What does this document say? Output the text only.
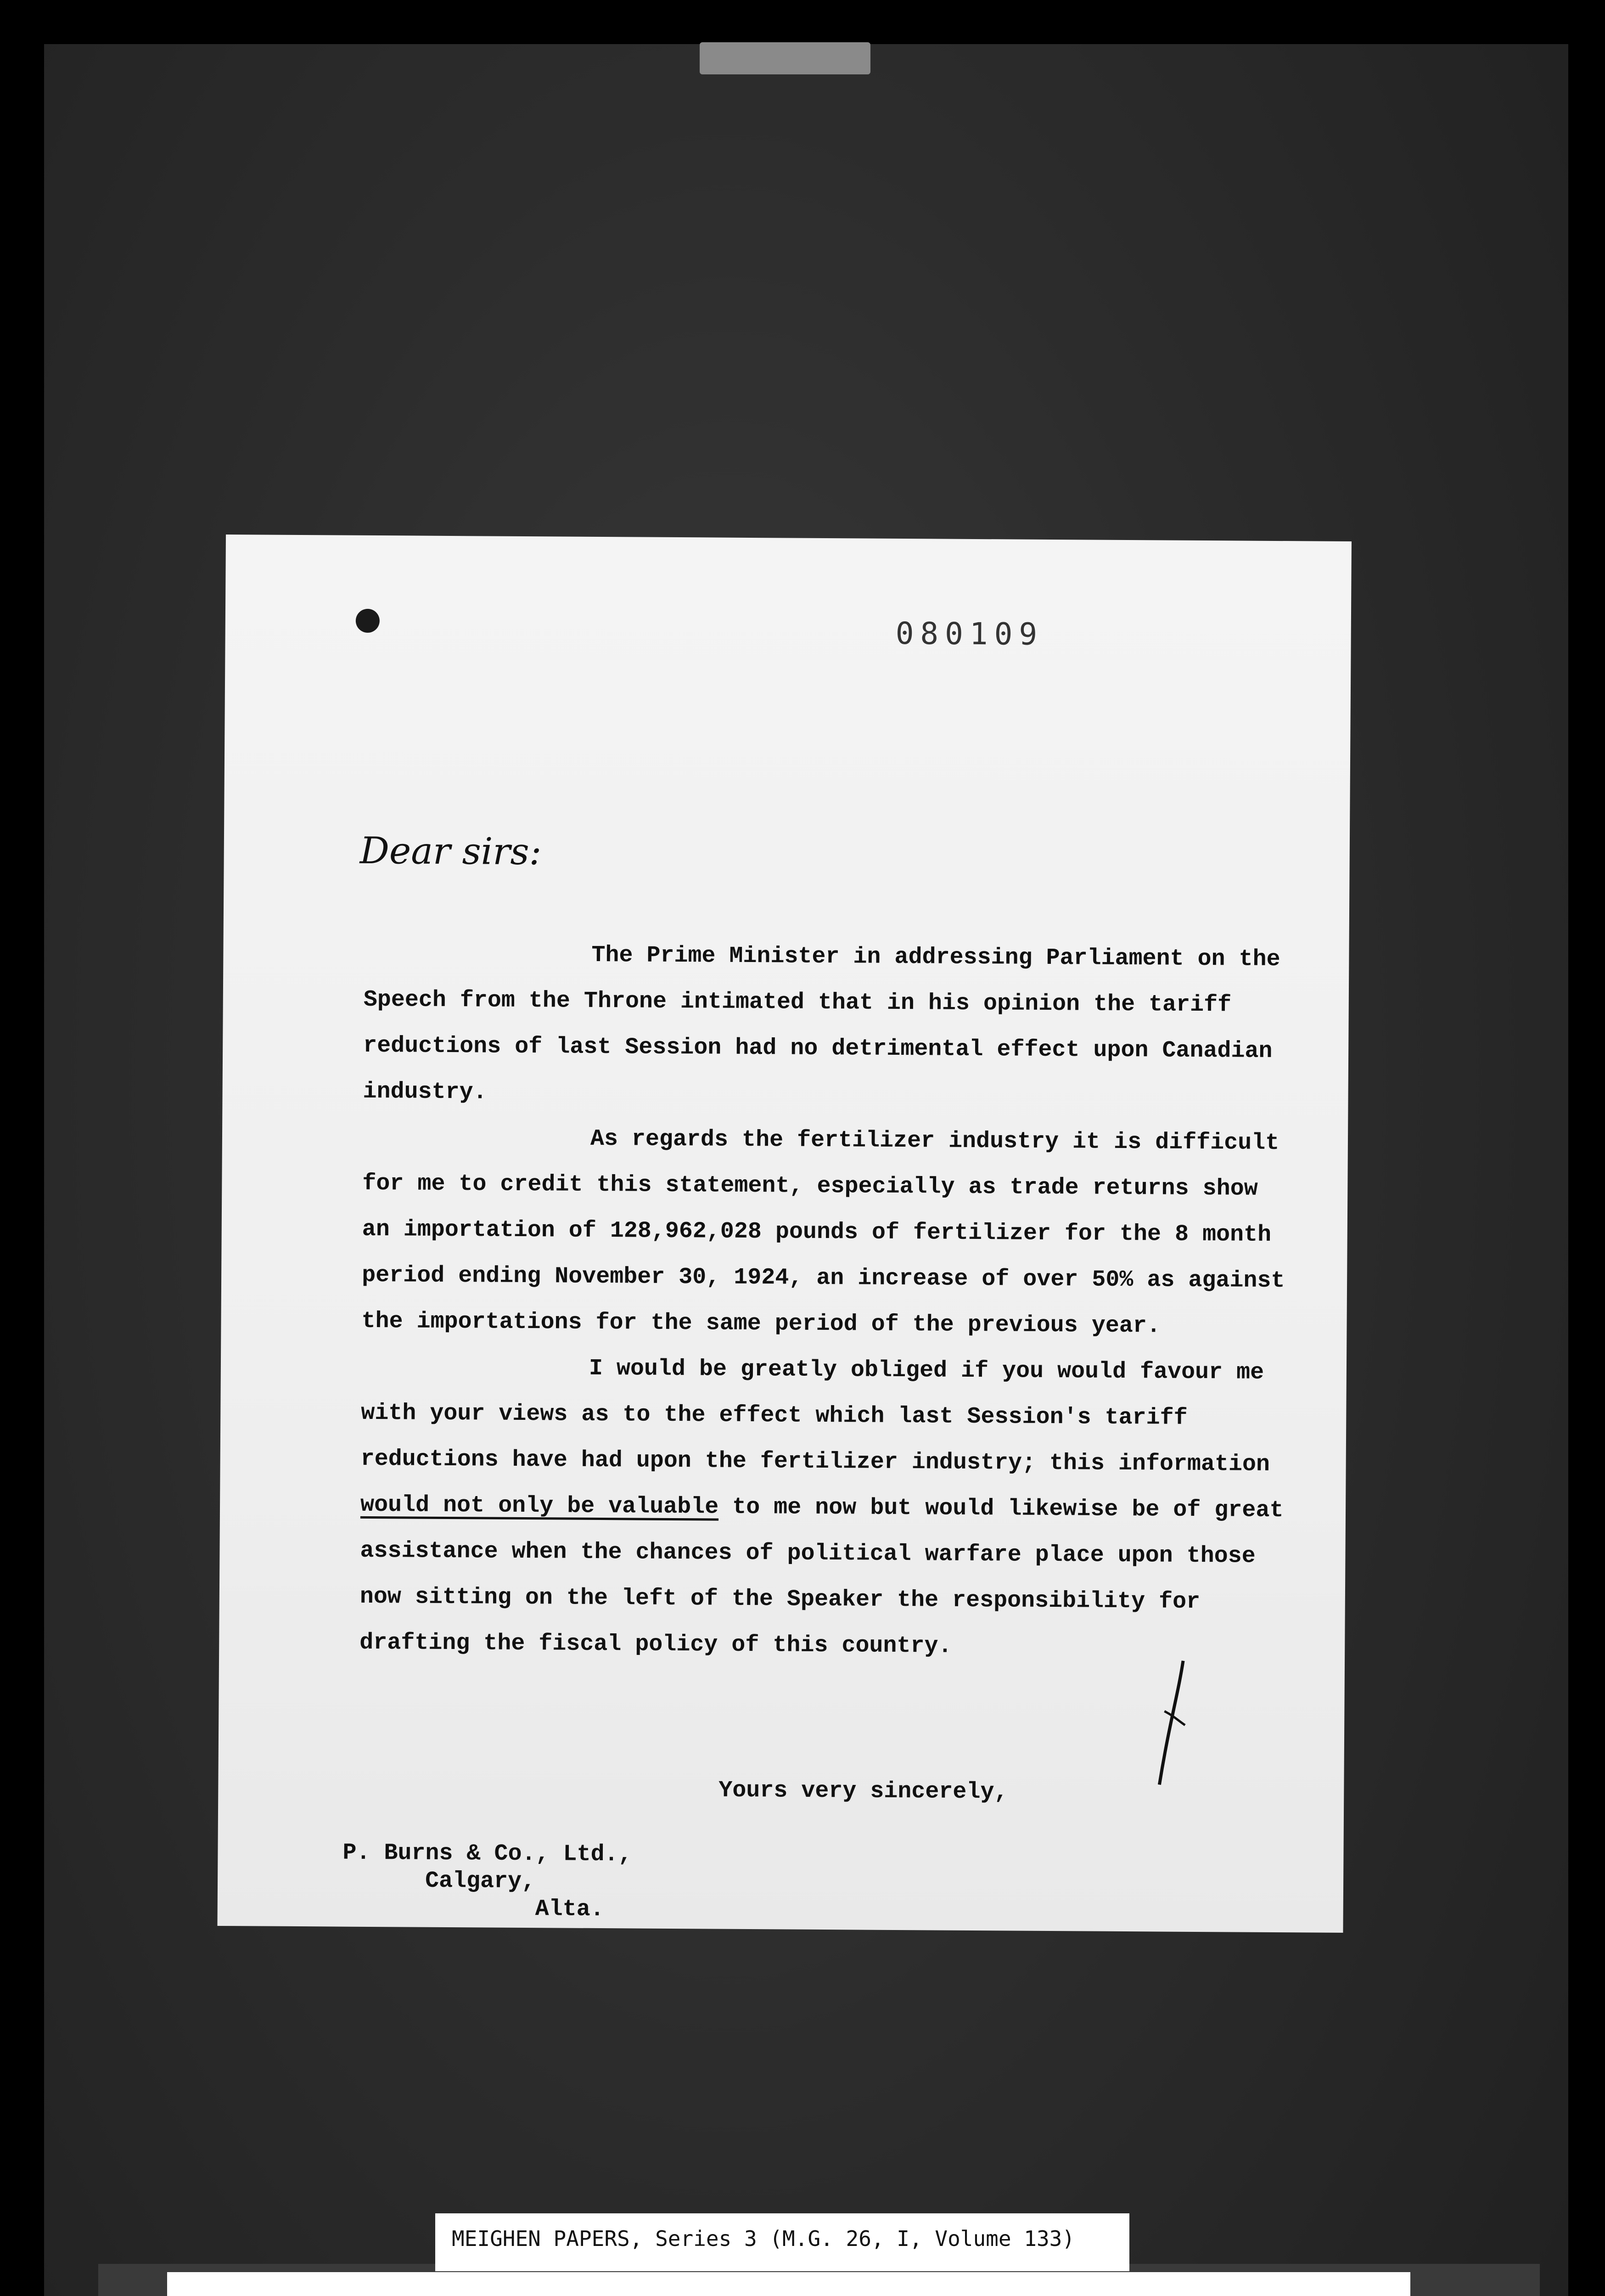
080109
Dear sirs:

The Prime Minister in addressing Parliament on the Speech from the Throne intimated that in his opinion the tariff reductions of last Session had no detrimental effect upon Canadian industry.

As regards the fertilizer industry it is difficult for me to credit this statement, especially as trade returns show an importation of 128,962,028 pounds of fertilizer for the 8 month period ending November 30, 1924, an increase of over 50% as against the importations for the same period of the previous year.

I would be greatly obliged if you would favour me with your views as to the effect which last Session's tariff reductions have had upon the fertilizer industry; this information would not only be valuable to me now but would likewise be of great assistance when the chances of political warfare place upon those now sitting on the left of the Speaker the responsibility for drafting the fiscal policy of this country.

Yours very sincerely,
P. Burns & Co., Ltd.,
Calgary,
Alta.
MEIGHEN PAPERS, Series 3 (M.G. 26, I, Volume 133)
